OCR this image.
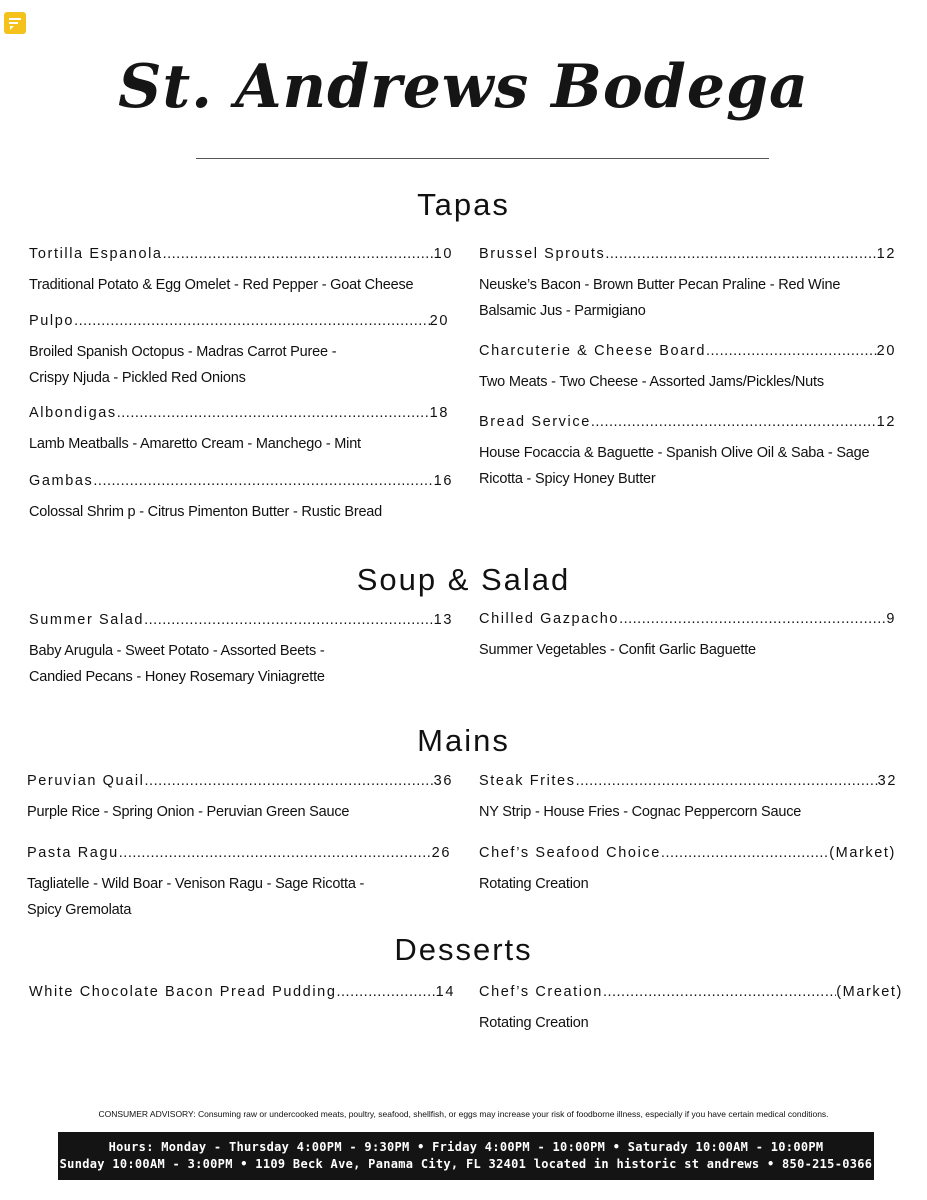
St. Andrews Bodega
Tapas
Tortilla Espanola .....	10
Traditional Potato & Egg Omelet - Red Pepper - Goat Cheese
Pulpo .....	20
Broiled Spanish Octopus - Madras Carrot Puree -
Crispy Njuda - Pickled Red Onions
Albondigas .....	18
Lamb Meatballs - Amaretto Cream - Manchego - Mint
Gambas .....	16
Colossal Shrim p - Citrus Pimenton Butter - Rustic Bread
Brussel Sprouts .....	12
Neuske’s Bacon - Brown Butter Pecan Praline - Red Wine
Balsamic Jus - Parmigiano
Charcuterie & Cheese Board .....	20
Two Meats - Two Cheese - Assorted Jams/Pickles/Nuts
Bread Service .....	12
House Focaccia & Baguette - Spanish Olive Oil & Saba - Sage
Ricotta - Spicy Honey Butter
Soup & Salad
Summer Salad .....	13
Baby Arugula - Sweet Potato - Assorted Beets -
Candied Pecans - Honey Rosemary Viniagrette
Chilled Gazpacho .....	9
Summer Vegetables - Confit Garlic Baguette
Mains
Peruvian Quail .....	36
Purple Rice - Spring Onion - Peruvian Green Sauce
Pasta Ragu .....	26
Tagliatelle - Wild Boar - Venison Ragu - Sage Ricotta -
Spicy Gremolata
Steak Frites .....	32
NY Strip - House Fries - Cognac Peppercorn Sauce
Chef’s Seafood Choice .....	(Market)
Rotating Creation
Desserts
White Chocolate Bacon Pread Pudding .....	14 Chef’s Creation .....	(Market)
Rotating Creation
CONSUMER ADVISORY: Consuming raw or undercooked meats, poultry, seafood, shellfish, or eggs may increase your risk of foodborne illness, especially if you have certain medical conditions.
Hours: Monday - Thursday 4:00PM - 9:30PM • Friday 4:00PM - 10:00PM • Saturady 10:00AM - 10:00PM
Sunday 10:00AM - 3:00PM • 1109 Beck Ave, Panama City, FL 32401 located in historic st andrews • 850-215-0366
